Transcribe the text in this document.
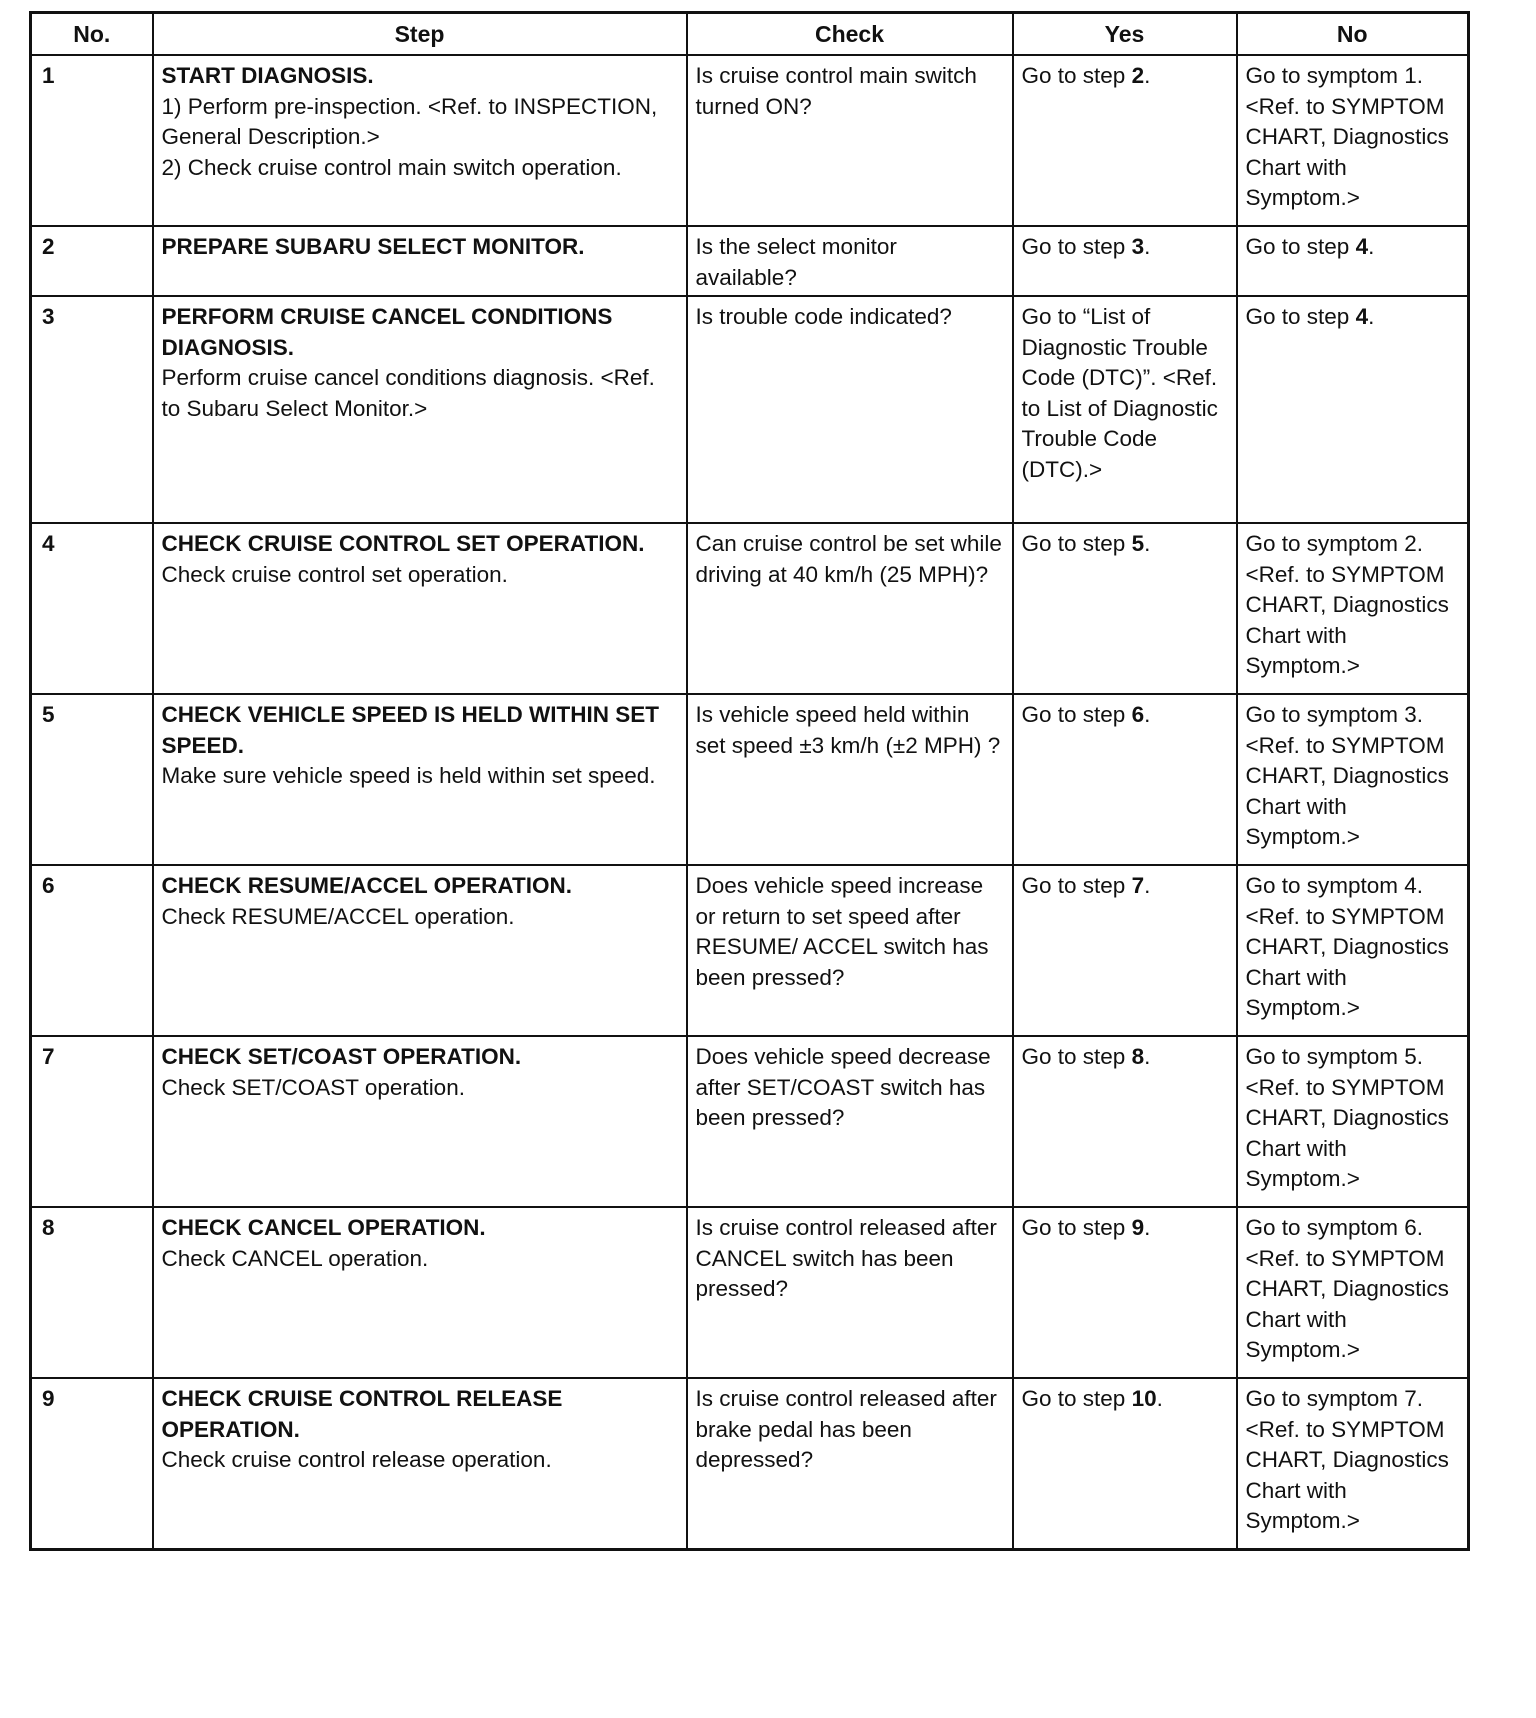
No.	Step	Check	Yes	No
1	START DIAGNOSIS.
1) Perform pre-inspection. <Ref. to INSPECTION, General Description.>
2) Check cruise control main switch operation.	Is cruise control main switch turned ON?	Go to step 2.	Go to symptom 1. <Ref. to SYMPTOM CHART, Diagnostics Chart with Symptom.>
2	PREPARE SUBARU SELECT MONITOR.	Is the select monitor available?	Go to step 3.	Go to step 4.
3	PERFORM CRUISE CANCEL CONDITIONS DIAGNOSIS.
Perform cruise cancel conditions diagnosis. <Ref. to Subaru Select Monitor.>	Is trouble code indicated?	Go to “List of Diagnostic Trouble Code (DTC)”. <Ref. to List of Diagnostic Trouble Code (DTC).>	Go to step 4.
4	CHECK CRUISE CONTROL SET OPERATION.
Check cruise control set operation.	Can cruise control be set while driving at 40 km/h (25 MPH)?	Go to step 5.	Go to symptom 2. <Ref. to SYMPTOM CHART, Diagnostics Chart with Symptom.>
5	CHECK VEHICLE SPEED IS HELD WITHIN SET SPEED.
Make sure vehicle speed is held within set speed.	Is vehicle speed held within set speed ±3 km/h (±2 MPH) ?	Go to step 6.	Go to symptom 3. <Ref. to SYMPTOM CHART, Diagnostics Chart with Symptom.>
6	CHECK RESUME/ACCEL OPERATION.
Check RESUME/ACCEL operation.	Does vehicle speed increase or return to set speed after RESUME/ ACCEL switch has been pressed?	Go to step 7.	Go to symptom 4. <Ref. to SYMPTOM CHART, Diagnostics Chart with Symptom.>
7	CHECK SET/COAST OPERATION.
Check SET/COAST operation.	Does vehicle speed decrease after SET/COAST switch has been pressed?	Go to step 8.	Go to symptom 5. <Ref. to SYMPTOM CHART, Diagnostics Chart with Symptom.>
8	CHECK CANCEL OPERATION.
Check CANCEL operation.	Is cruise control released after CANCEL switch has been pressed?	Go to step 9.	Go to symptom 6. <Ref. to SYMPTOM CHART, Diagnostics Chart with Symptom.>
9	CHECK CRUISE CONTROL RELEASE OPERATION.
Check cruise control release operation.	Is cruise control released after brake pedal has been depressed?	Go to step 10.	Go to symptom 7. <Ref. to SYMPTOM CHART, Diagnostics Chart with Symptom.>
